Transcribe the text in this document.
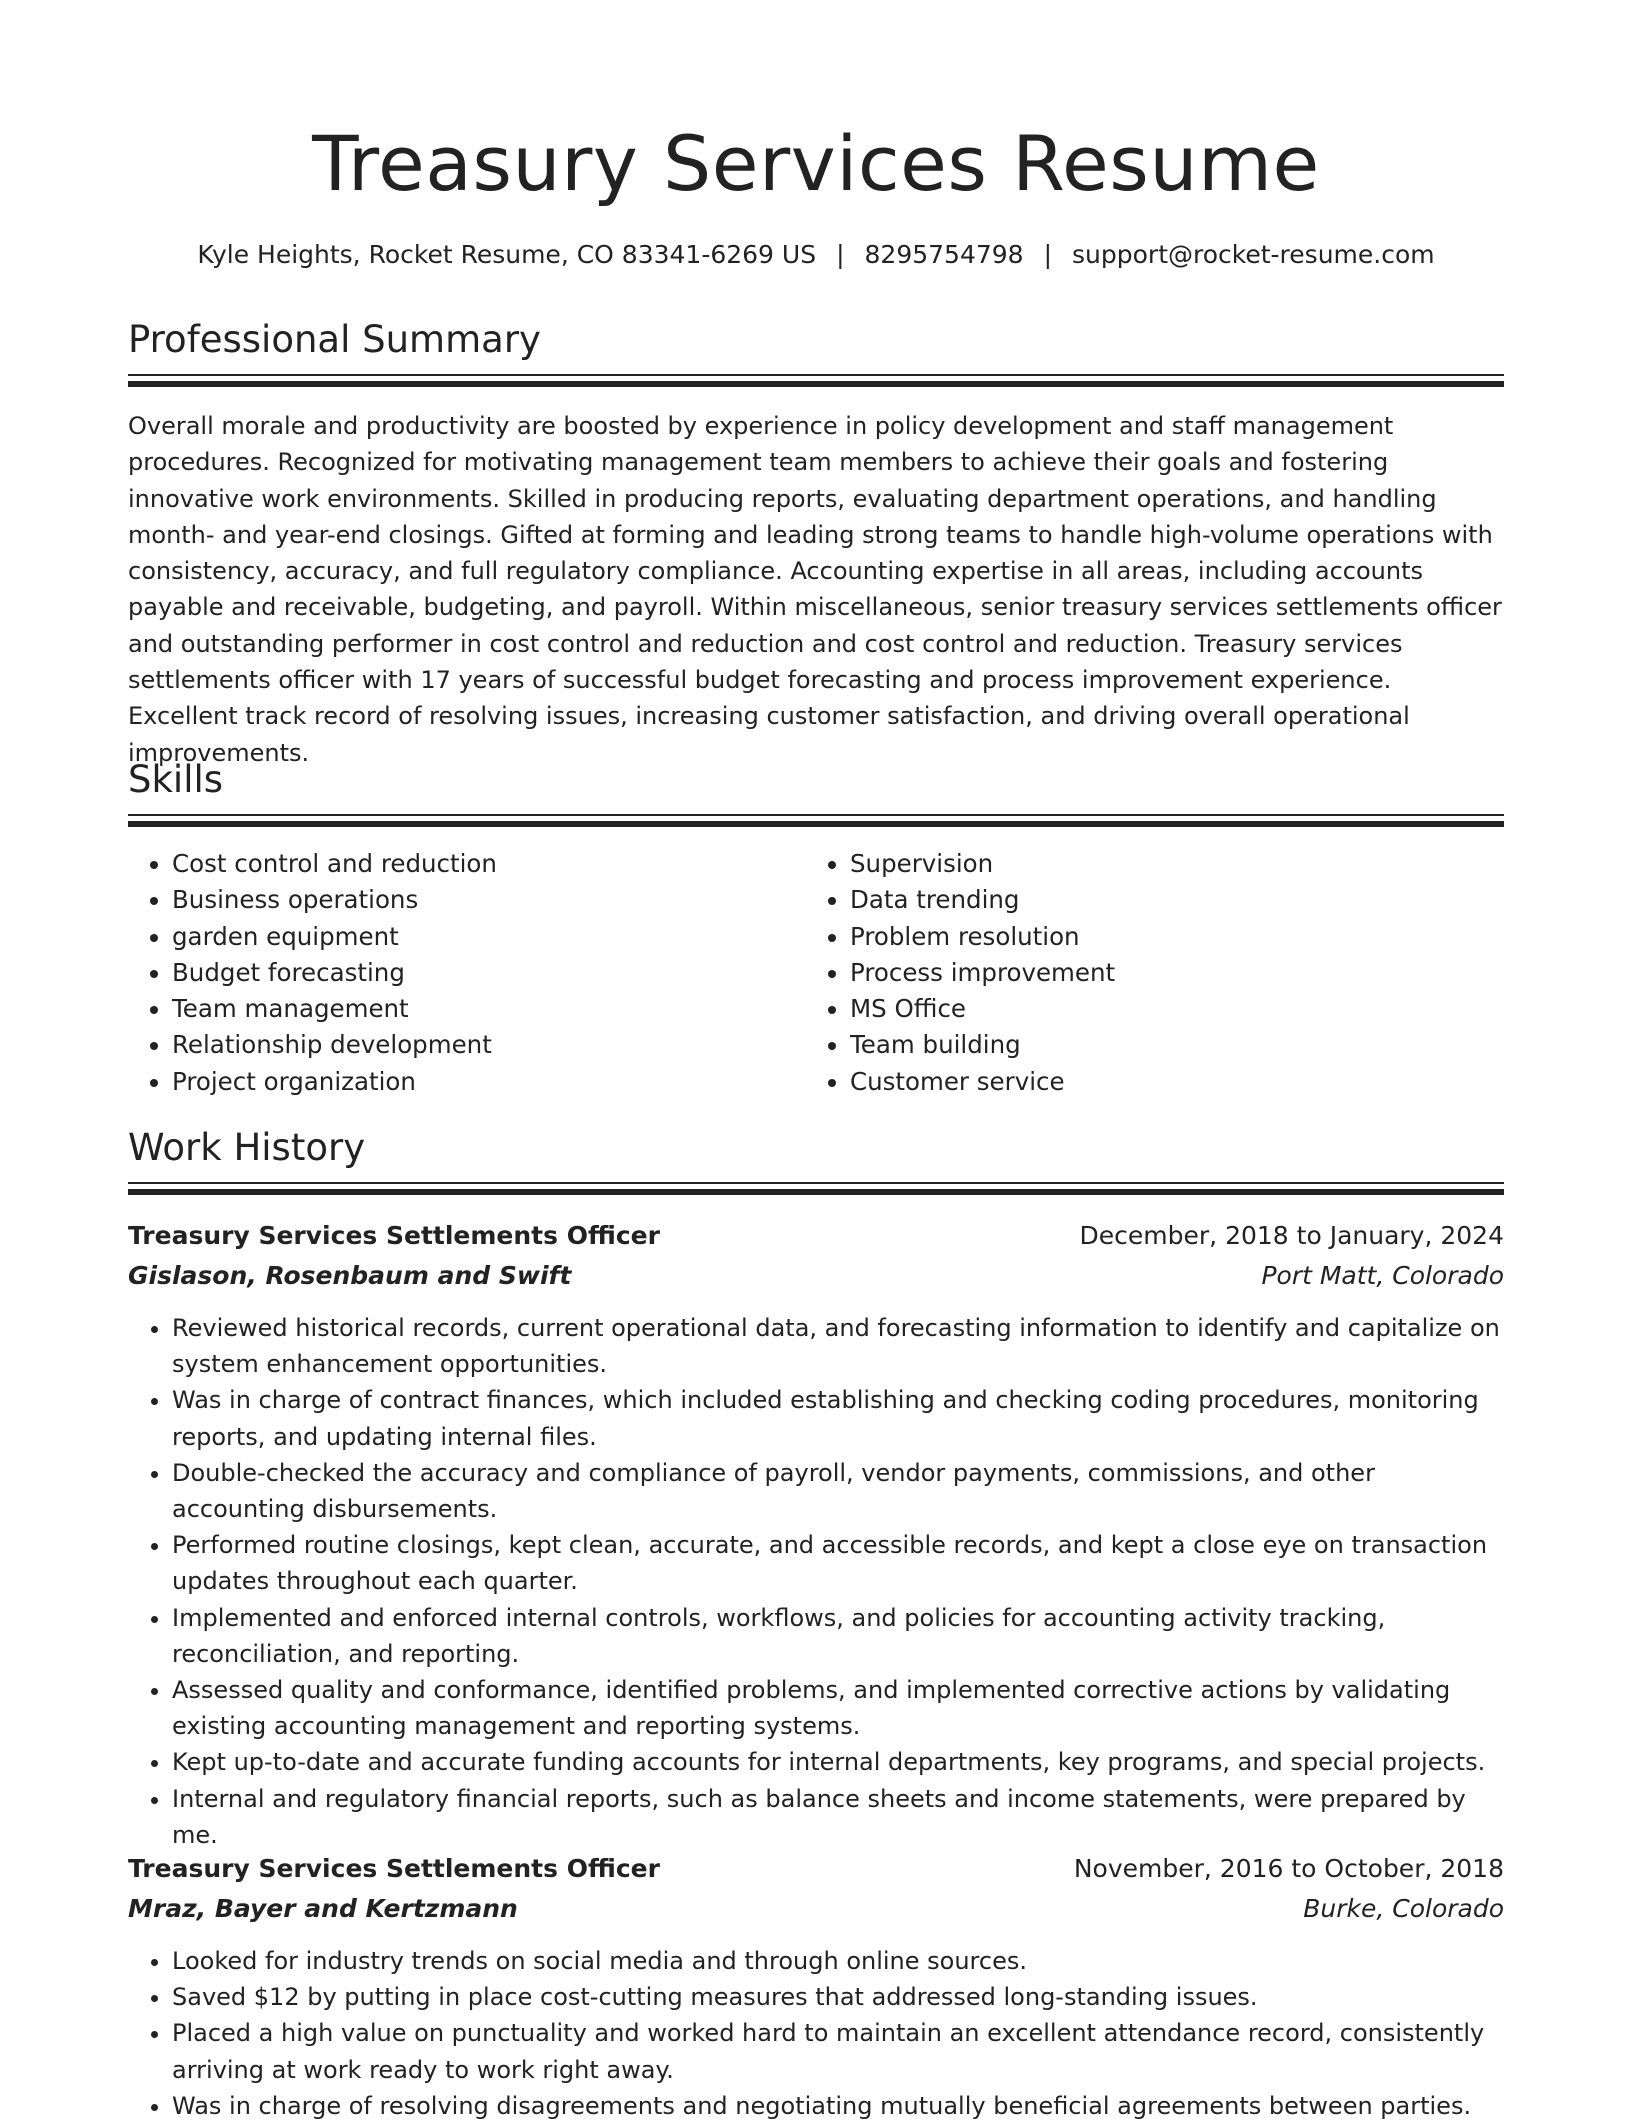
Treasury Services Resume
Kyle Heights, Rocket Resume, CO 83341-6269 US | 8295754798 | support@rocket-resume.com
Professional Summary

Overall morale and productivity are boosted by experience in policy development and staff management procedures. Recognized for motivating management team members to achieve their goals and fostering innovative work environments. Skilled in producing reports, evaluating department operations, and handling month- and year-end closings. Gifted at forming and leading strong teams to handle high-volume operations with consistency, accuracy, and full regulatory compliance. Accounting expertise in all areas, including accounts payable and receivable, budgeting, and payroll. Within miscellaneous, senior treasury services settlements officer and outstanding performer in cost control and reduction and cost control and reduction. Treasury services settlements officer with 17 years of successful budget forecasting and process improvement experience. Excellent track record of resolving issues, increasing customer satisfaction, and driving overall operational improvements.

Skills
• Cost control and reduction
• Business operations
• garden equipment
• Budget forecasting
• Team management
• Relationship development
• Project organization
• Supervision
• Data trending
• Problem resolution
• Process improvement
• MS Office
• Team building
• Customer service
Work History
Treasury Services Settlements Officer	December, 2018 to January, 2024
Gislason, Rosenbaum and Swift	Port Matt, Colorado
• Reviewed historical records, current operational data, and forecasting information to identify and capitalize on system enhancement opportunities.
• Was in charge of contract finances, which included establishing and checking coding procedures, monitoring reports, and updating internal files.
• Double-checked the accuracy and compliance of payroll, vendor payments, commissions, and other accounting disbursements.
• Performed routine closings, kept clean, accurate, and accessible records, and kept a close eye on transaction updates throughout each quarter.
• Implemented and enforced internal controls, workflows, and policies for accounting activity tracking, reconciliation, and reporting.
• Assessed quality and conformance, identified problems, and implemented corrective actions by validating existing accounting management and reporting systems.
• Kept up-to-date and accurate funding accounts for internal departments, key programs, and special projects.
• Internal and regulatory financial reports, such as balance sheets and income statements, were prepared by me.
Treasury Services Settlements Officer	November, 2016 to October, 2018
Mraz, Bayer and Kertzmann	Burke, Colorado
• Looked for industry trends on social media and through online sources.
• Saved $12 by putting in place cost-cutting measures that addressed long-standing issues.
• Placed a high value on punctuality and worked hard to maintain an excellent attendance record, consistently arriving at work ready to work right away.
• Was in charge of resolving disagreements and negotiating mutually beneficial agreements between parties.
